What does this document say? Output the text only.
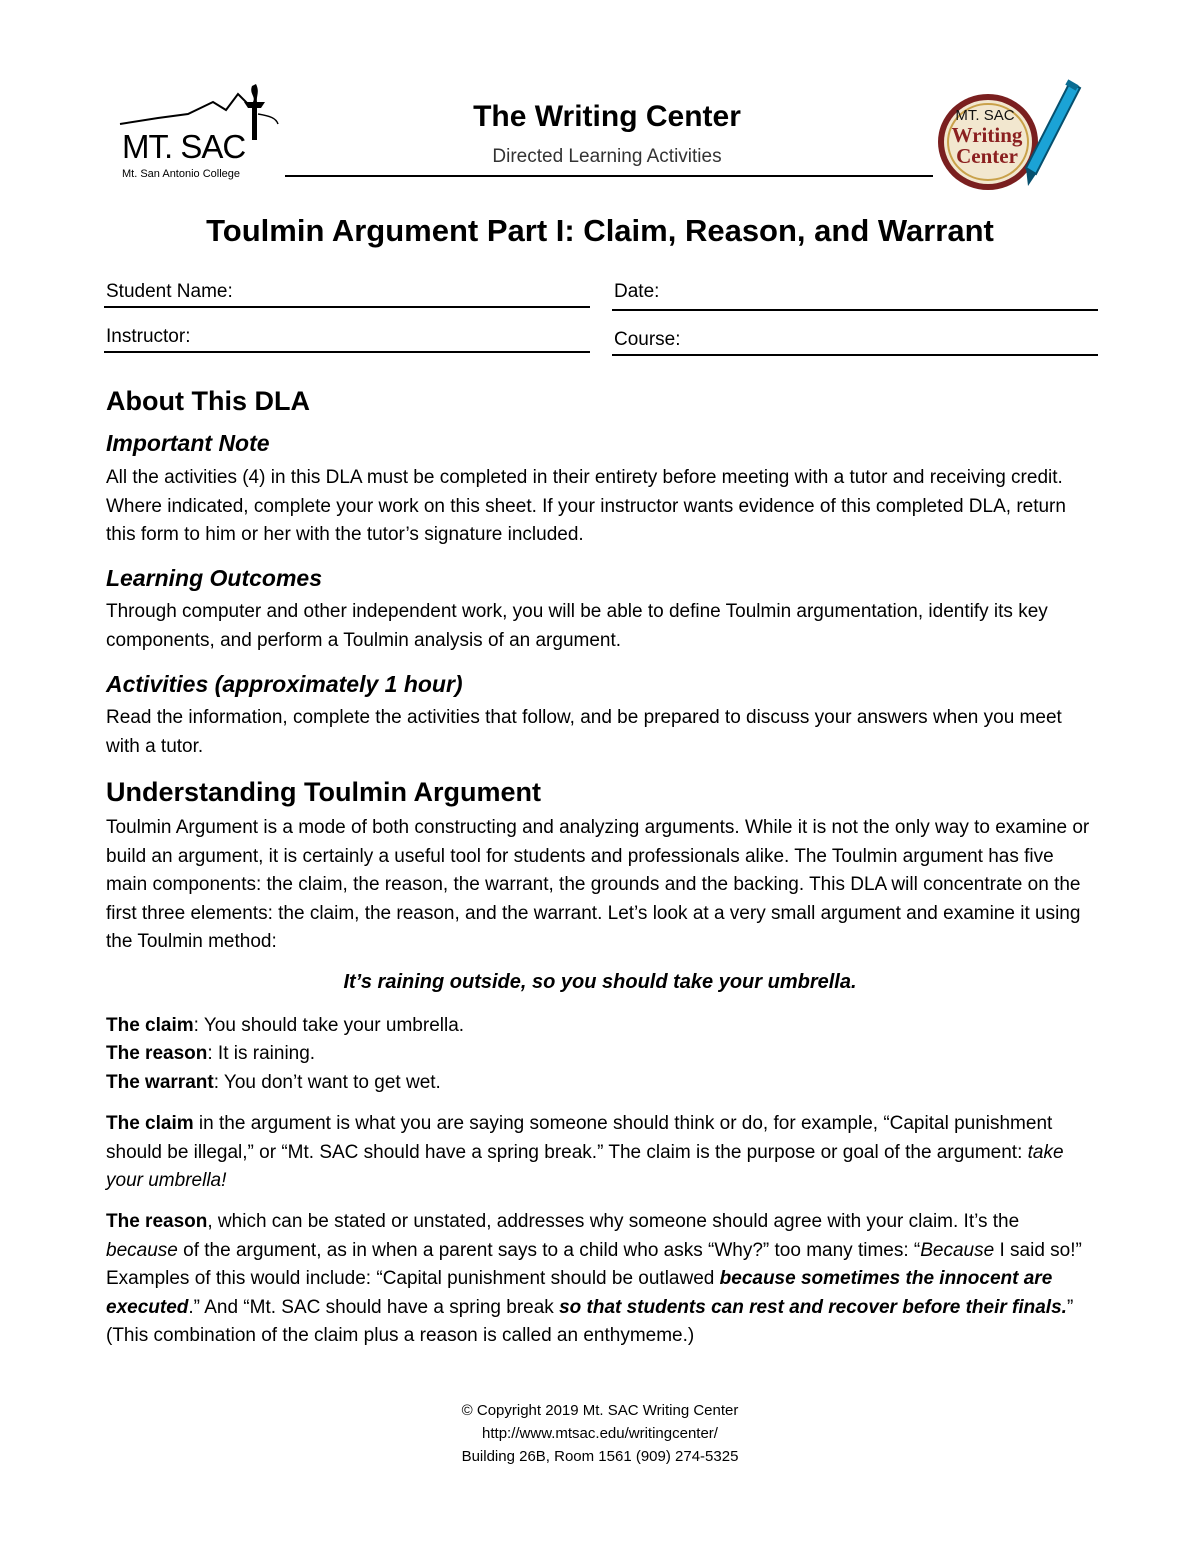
MT. SAC
Mt. San Antonio College
The Writing Center
Directed Learning Activities
MT. SAC
Writing
Center
Toulmin Argument Part I: Claim, Reason, and Warrant
Student Name:	Date:
Instructor:	Course:
About This DLA
Important Note
All the activities (4) in this DLA must be completed in their entirety before meeting with a tutor and receiving credit. Where indicated, complete your work on this sheet. If your instructor wants evidence of this completed DLA, return this form to him or her with the tutor’s signature included.
Learning Outcomes
Through computer and other independent work, you will be able to define Toulmin argumentation, identify its key components, and perform a Toulmin analysis of an argument.
Activities (approximately 1 hour)
Read the information, complete the activities that follow, and be prepared to discuss your answers when you meet with a tutor.
Understanding Toulmin Argument
Toulmin Argument is a mode of both constructing and analyzing arguments. While it is not the only way to examine or build an argument, it is certainly a useful tool for students and professionals alike. The Toulmin argument has five main components: the claim, the reason, the warrant, the grounds and the backing. This DLA will concentrate on the first three elements: the claim, the reason, and the warrant. Let’s look at a very small argument and examine it using the Toulmin method:
It’s raining outside, so you should take your umbrella.
The claim: You should take your umbrella.
The reason: It is raining.
The warrant: You don’t want to get wet.
The claim in the argument is what you are saying someone should think or do, for example, “Capital punishment should be illegal,” or “Mt. SAC should have a spring break.” The claim is the purpose or goal of the argument: take your umbrella!
The reason, which can be stated or unstated, addresses why someone should agree with your claim. It’s the because of the argument, as in when a parent says to a child who asks “Why?” too many times: “Because I said so!” Examples of this would include: “Capital punishment should be outlawed because sometimes the innocent are executed.” And “Mt. SAC should have a spring break so that students can rest and recover before their finals.” (This combination of the claim plus a reason is called an enthymeme.)
© Copyright 2019 Mt. SAC Writing Center
http://www.mtsac.edu/writingcenter/
Building 26B, Room 1561 (909) 274-5325
